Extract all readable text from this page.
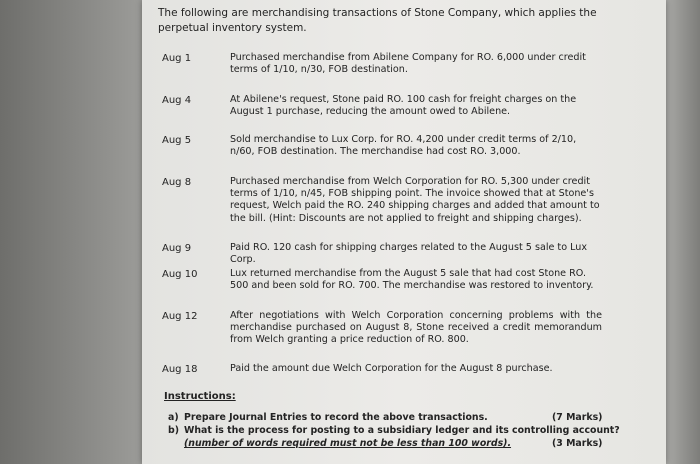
The following are merchandising transactions of Stone Company, which applies the perpetual inventory system.
Aug 1	Purchased merchandise from Abilene Company for RO. 6,000 under credit terms of 1/10, n/30, FOB destination.
Aug 4	At Abilene's request, Stone paid RO. 100 cash for freight charges on the August 1 purchase, reducing the amount owed to Abilene.
Aug 5	Sold merchandise to Lux Corp. for RO. 4,200 under credit terms of 2/10, n/60, FOB destination. The merchandise had cost RO. 3,000.
Aug 8	Purchased merchandise from Welch Corporation for RO. 5,300 under credit terms of 1/10, n/45, FOB shipping point. The invoice showed that at Stone's request, Welch paid the RO. 240 shipping charges and added that amount to the bill. (Hint: Discounts are not applied to freight and shipping charges).
Aug 9	Paid RO. 120 cash for shipping charges related to the August 5 sale to Lux Corp.
Aug 10	Lux returned merchandise from the August 5 sale that had cost Stone RO. 500 and been sold for RO. 700. The merchandise was restored to inventory.
Aug 12	After negotiations with Welch Corporation concerning problems with the merchandise purchased on August 8, Stone received a credit memorandum from Welch granting a price reduction of RO. 800.
Aug 18	Paid the amount due Welch Corporation for the August 8 purchase.
Instructions:
a) Prepare Journal Entries to record the above transactions.	(7 Marks)
b) What is the process for posting to a subsidiary ledger and its controlling account?
(number of words required must not be less than 100 words).	(3 Marks)
